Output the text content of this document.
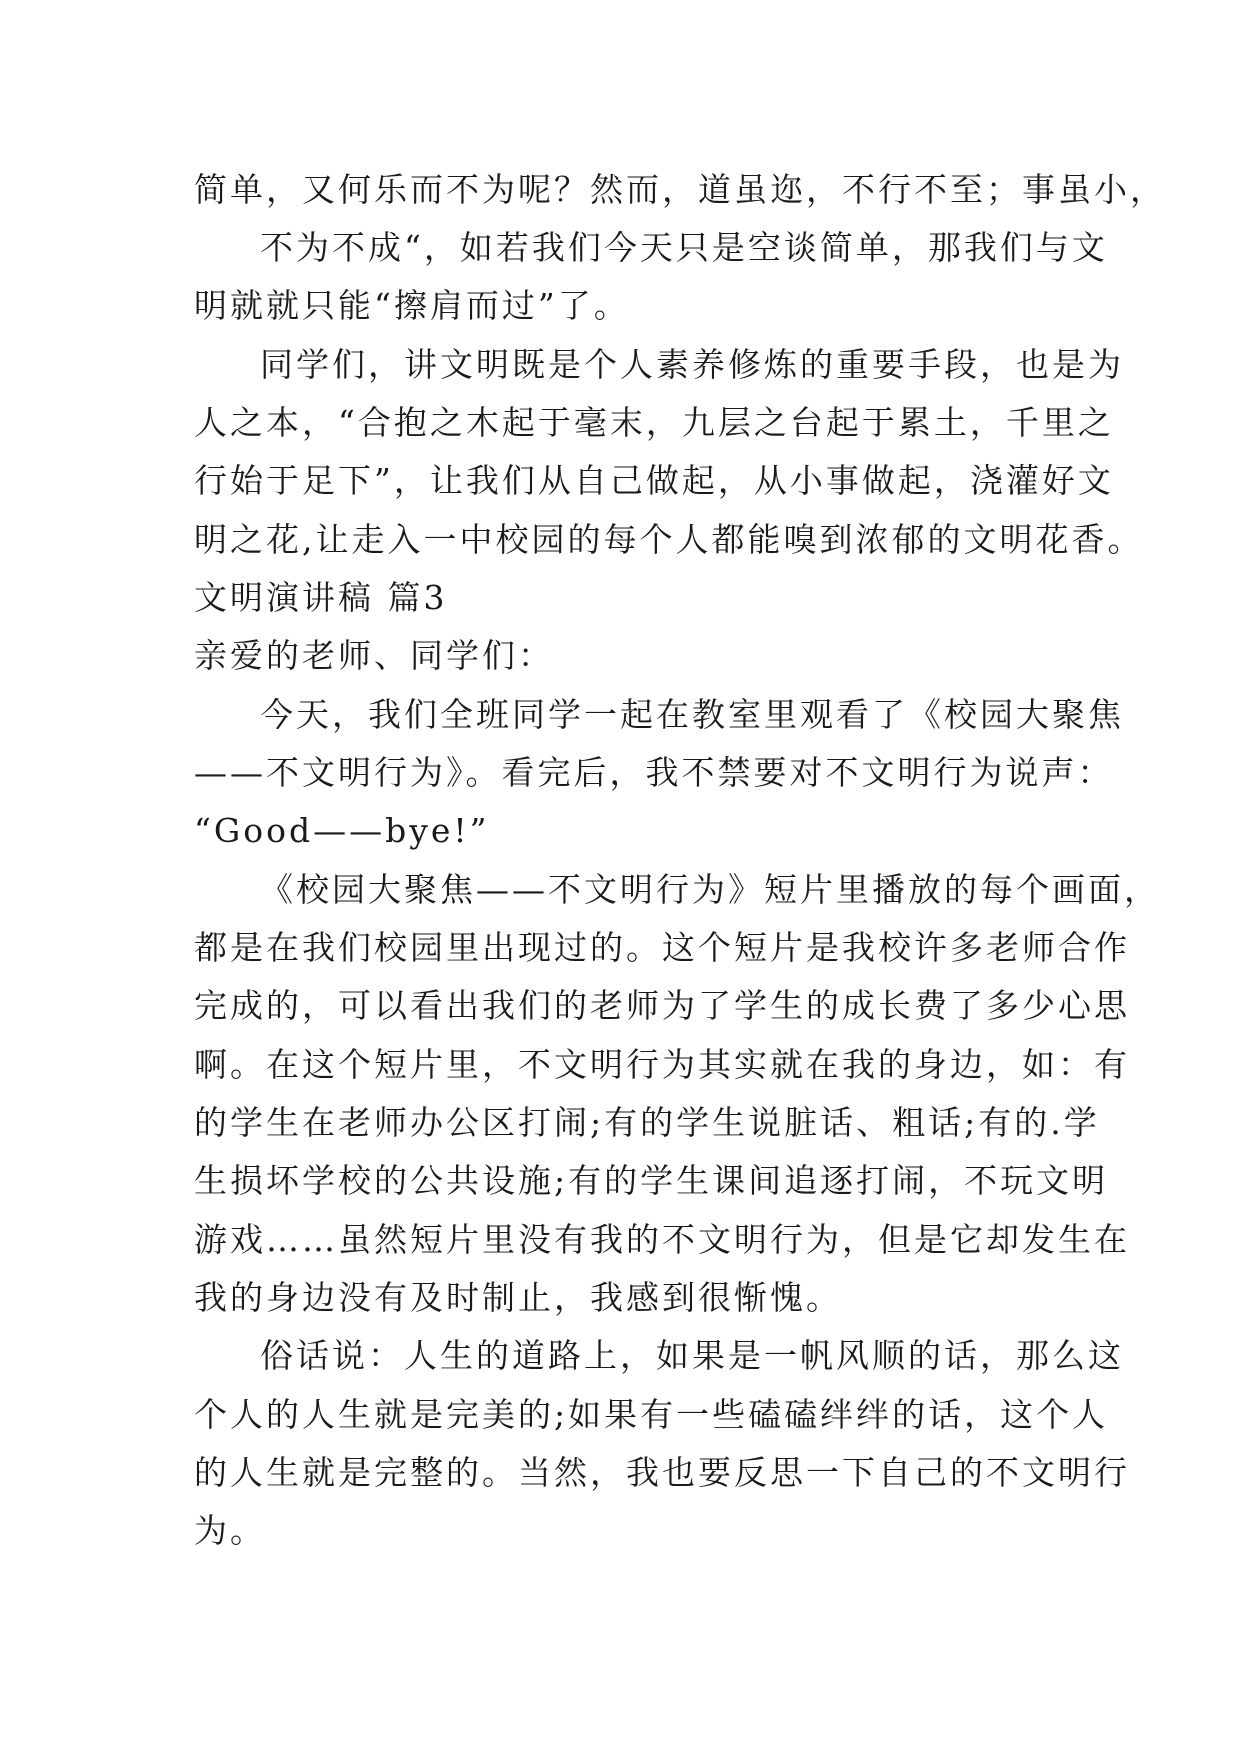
简单，又何乐而不为呢？然而，道虽迩，不行不至；事虽小，
不为不成“，如若我们今天只是空谈简单，那我们与文
明就就只能“擦肩而过”了。
同学们，讲文明既是个人素养修炼的重要手段，也是为
人之本，“合抱之木起于毫末，九层之台起于累土，千里之
行始于足下”，让我们从自己做起，从小事做起，浇灌好文
明之花,让走入一中校园的每个人都能嗅到浓郁的文明花香。
文明演讲稿 篇3
亲爱的老师、同学们：
今天，我们全班同学一起在教室里观看了《校园大聚焦
——不文明行为》。看完后，我不禁要对不文明行为说声：
“Good——bye!”
《校园大聚焦——不文明行为》短片里播放的每个画面，
都是在我们校园里出现过的。这个短片是我校许多老师合作
完成的，可以看出我们的老师为了学生的成长费了多少心思
啊。在这个短片里，不文明行为其实就在我的身边，如：有
的学生在老师办公区打闹;有的学生说脏话、粗话;有的.学
生损坏学校的公共设施;有的学生课间追逐打闹，不玩文明
游戏……虽然短片里没有我的不文明行为，但是它却发生在
我的身边没有及时制止，我感到很惭愧。
俗话说：人生的道路上，如果是一帆风顺的话，那么这
个人的人生就是完美的;如果有一些磕磕绊绊的话，这个人
的人生就是完整的。当然，我也要反思一下自己的不文明行
为。
